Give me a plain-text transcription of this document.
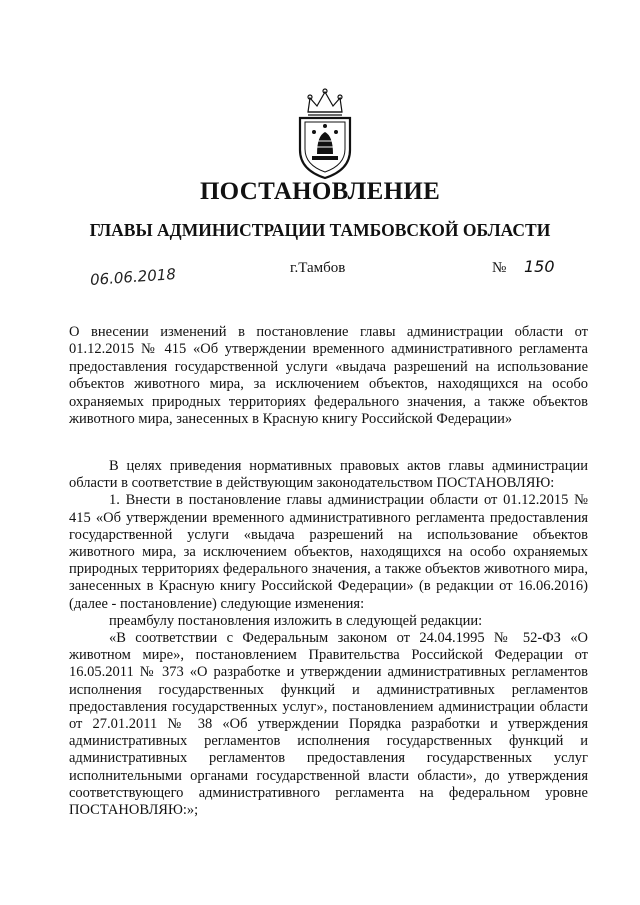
ПОСТАНОВЛЕНИЕ
ГЛАВЫ АДМИНИСТРАЦИИ ТАМБОВСКОЙ ОБЛАСТИ
06.06.2018	г.Тамбов	№ 150
О внесении изменений в постановление главы администрации области от 01.12.2015 № 415 «Об утверждении временного административного регламента предоставления государственной услуги «выдача разрешений на использование объектов животного мира, за исключением объектов, находящихся на особо охраняемых природных территориях федерального значения, а также объектов животного мира, занесенных в Красную книгу Российской Федерации»

В целях приведения нормативных правовых актов главы администрации области в соответствие в действующим законодательством ПОСТАНОВЛЯЮ:

1. Внести в постановление главы администрации области от 01.12.2015 № 415 «Об утверждении временного административного регламента предоставления государственной услуги «выдача разрешений на использование объектов животного мира, за исключением объектов, находящихся на особо охраняемых природных территориях федерального значения, а также объектов животного мира, занесенных в Красную книгу Российской Федерации» (в редакции от 16.06.2016) (далее - постановление) следующие изменения:

преамбулу постановления изложить в следующей редакции:

«В соответствии с Федеральным законом от 24.04.1995 № 52-ФЗ «О животном мире», постановлением Правительства Российской Федерации от 16.05.2011 № 373 «О разработке и утверждении административных регламентов исполнения государственных функций и административных регламентов предоставления государственных услуг», постановлением администрации области от 27.01.2011 № 38 «Об утверждении Порядка разработки и утверждения административных регламентов исполнения государственных функций и административных регламентов предоставления государственных услуг исполнительными органами государственной власти области», до утверждения соответствующего административного регламента на федеральном уровне ПОСТАНОВЛЯЮ:»;
